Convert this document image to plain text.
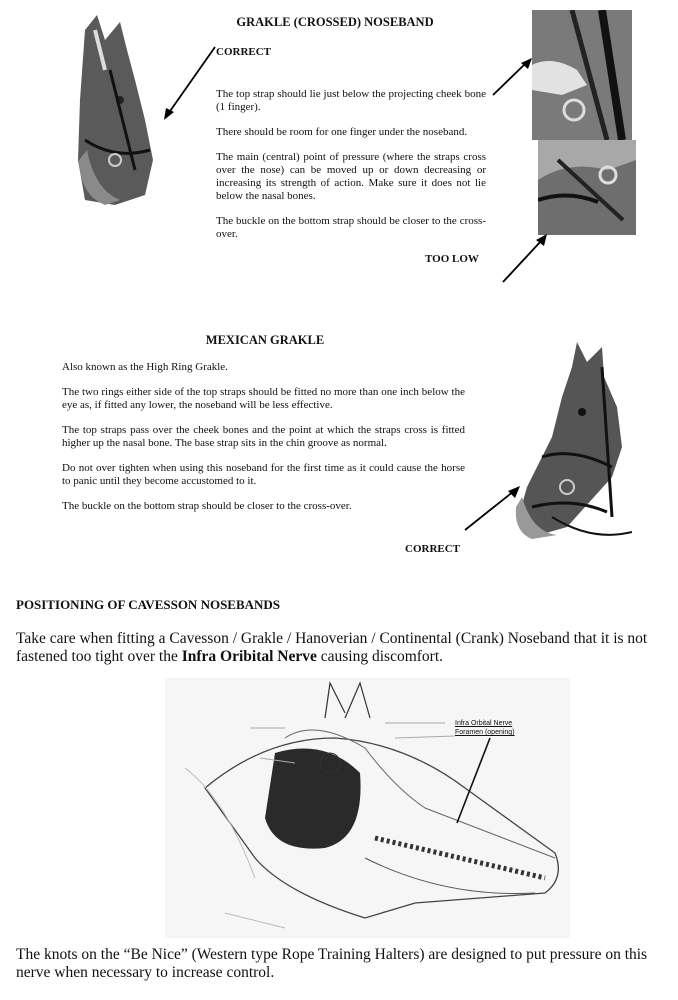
GRAKLE (CROSSED) NOSEBAND
CORRECT

The top strap should lie just below the projecting cheek bone (1 finger).

There should be room for one finger under the noseband.

The main (central) point of pressure (where the straps cross over the nose) can be moved up or down decreasing or increasing its strength of action. Make sure it does not lie below the nasal bones.

The buckle on the bottom strap should be closer to the cross-over.

TOO LOW
MEXICAN GRAKLE

Also known as the High Ring Grakle.

The two rings either side of the top straps should be fitted no more than one inch below the eye as, if fitted any lower, the noseband will be less effective.

The top straps pass over the cheek bones and the point at which the straps cross is fitted higher up the nasal bone. The base strap sits in the chin groove as normal.

Do not over tighten when using this noseband for the first time as it could cause the horse to panic until they become accustomed to it.

The buckle on the bottom strap should be closer to the cross-over.

CORRECT
POSITIONING OF CAVESSON NOSEBANDS
Take care when fitting a Cavesson / Grakle / Hanoverian / Continental (Crank) Noseband that it is not fastened too tight over the Infra Oribital Nerve causing discomfort.
Infra Orbital Nerve
Foramen (opening)
The knots on the “Be Nice” (Western type Rope Training Halters) are designed to put pressure on this nerve when necessary to increase control.
